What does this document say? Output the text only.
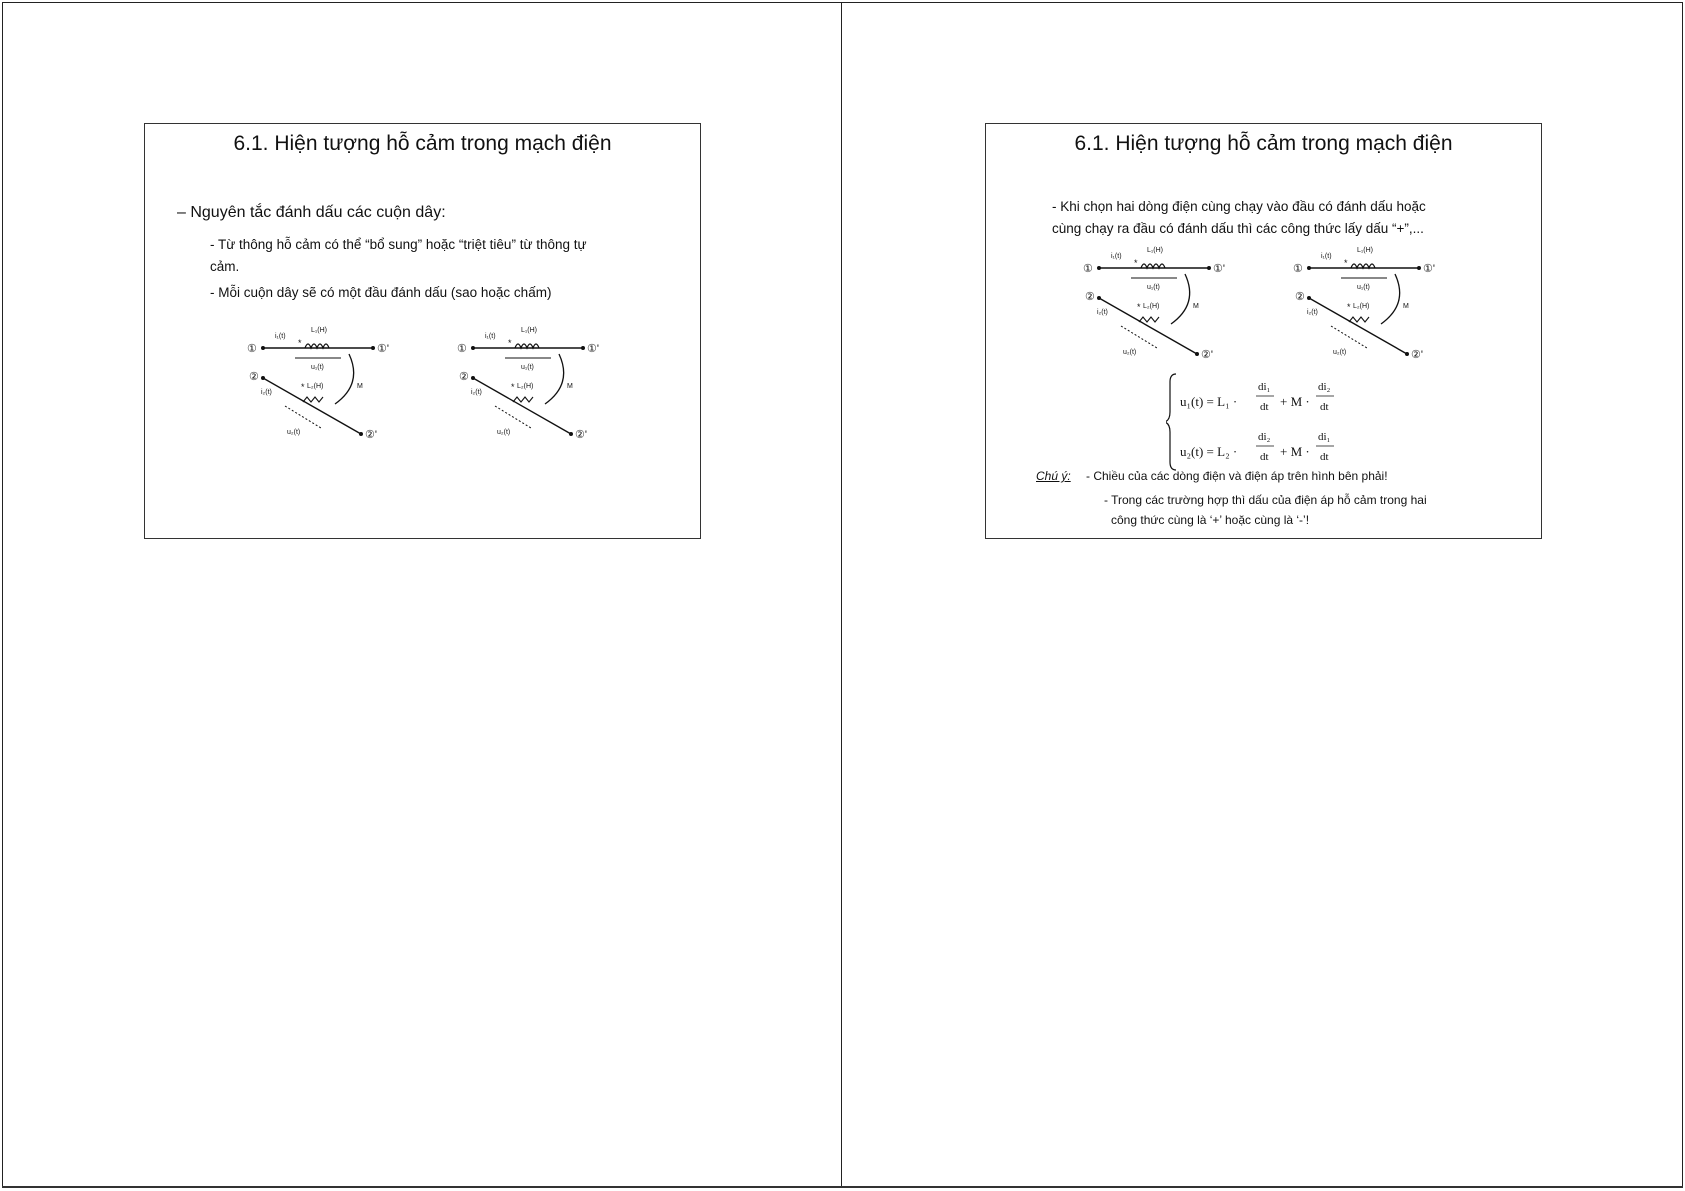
6.1. Hiện tượng hỗ cảm trong mạch điện
– Nguyên tắc đánh dấu các cuộn dây:
- Từ thông hỗ cảm có thể “bổ sung” hoặc “triệt tiêu” từ thông tự
cảm.
- Mỗi cuộn dây sẽ có một đầu đánh dấu (sao hoặc chấm)
①	①'
i₁(t)
L₁(H)
*
u₁(t)
M
②
②'
i₂(t)
L₂(H)
*
u₂(t)
①	①'
i₁(t)
L₁(H)
*
u₁(t)
M
②
②'
i₂(t)
L₂(H)
*
u₂(t)
6.1. Hiện tượng hỗ cảm trong mạch điện
- Khi chọn hai dòng điện cùng chạy vào đầu có đánh dấu hoặc
cùng chạy ra đầu có đánh dấu thì các công thức lấy dấu “+”,...
①	①'
i₁(t)
L₁(H)
*
u₁(t)
M
②
②'
i₂(t)
L₂(H)
*
u₂(t)
①	①'
i₁(t)
L₁(H)
*
u₁(t)
M
②
②'
i₂(t)
L₂(H)
*
u₂(t)
u₁(t) = L₁ ·
di₁
dt + M ·
di₂
dt
u₂(t) = L₂ ·
di₂
dt + M ·
di₁
dt
Chú ý: - Chiều của các dòng điện và điện áp trên hình bên phải!
- Trong các trường hợp thì dấu của điện áp hỗ cảm trong hai
công thức cùng là ‘+’ hoặc cùng là ‘-’!
